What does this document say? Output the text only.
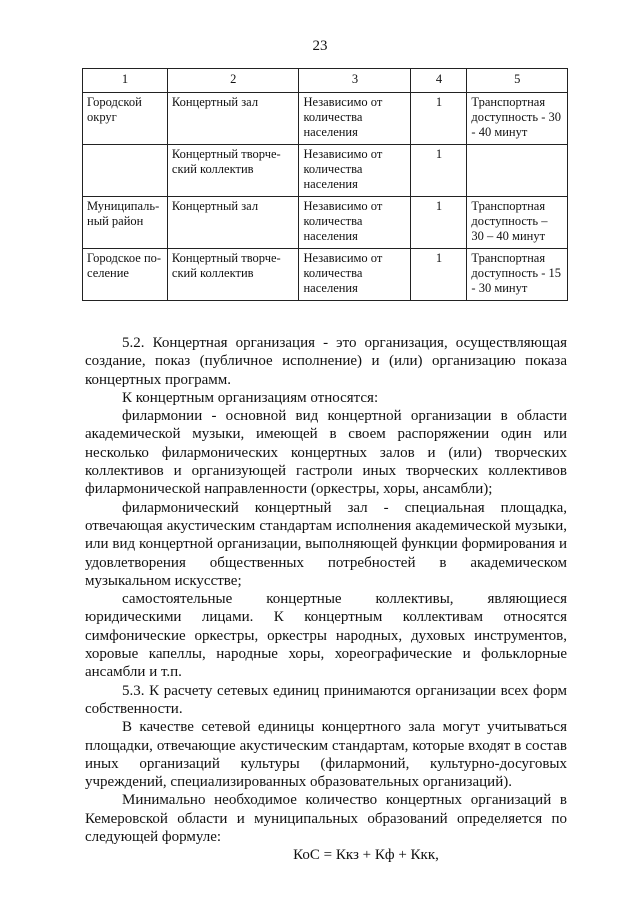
23
1	2	3	4	5
Городской округ	Концертный зал	Независимо от количества населения	1	Транспортная доступность - 30 - 40 минут
	Концертный творче-ский коллектив	Независимо от количества населения	1	
Муниципаль-ный район	Концертный зал	Независимо от количества населения	1	Транспортная доступность – 30 – 40 минут
Городское по-селение	Концертный творче-ский коллектив	Независимо от количества населения	1	Транспортная доступность - 15 - 30 минут

5.2. Концертная организация - это организация, осуществляющая создание, показ (публичное исполнение) и (или) организацию показа концертных программ.

К концертным организациям относятся:

филармонии - основной вид концертной организации в области академической музыки, имеющей в своем распоряжении один или несколько филармонических концертных залов и (или) творческих коллективов и организующей гастроли иных творческих коллективов филармонической направленности (оркестры, хоры, ансамбли);

филармонический концертный зал - специальная площадка, отвечающая акустическим стандартам исполнения академической музыки, или вид концертной организации, выполняющей функции формирования и удовлетворения общественных потребностей в академическом музыкальном искусстве;

самостоятельные концертные коллективы, являющиеся юридическими лицами. К концертным коллективам относятся симфонические оркестры, оркестры народных, духовых инструментов, хоровые капеллы, народные хоры, хореографические и фольклорные ансамбли и т.п.

5.3. К расчету сетевых единиц принимаются организации всех форм собственности.

В качестве сетевой единицы концертного зала могут учитываться площадки, отвечающие акустическим стандартам, которые входят в состав иных организаций культуры (филармоний, культурно-досуговых учреждений, специализированных образовательных организаций).

Минимально необходимое количество концертных организаций в Кемеровской области и муниципальных образований определяется по следующей формуле:

КоС = Ккз + Кф + Ккк,
